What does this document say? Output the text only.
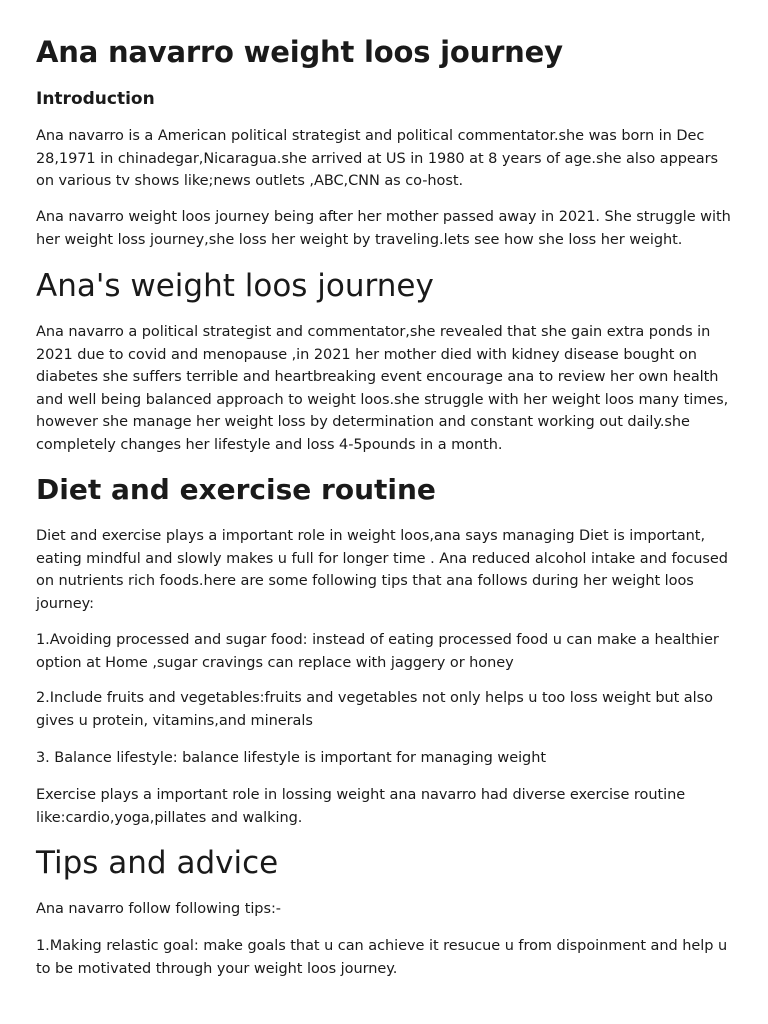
Ana navarro weight loos journey
Introduction

Ana navarro is a American political strategist and political commentator.she was born in Dec 28,1971 in chinadegar,Nicaragua.she arrived at US in 1980 at 8 years of age.she also appears on various tv shows like;news outlets ,ABC,CNN as co-host.

Ana navarro weight loos journey being after her mother passed away in 2021. She struggle with her weight loss journey,she loss her weight by traveling.lets see how she loss her weight.

Ana's weight loos journey

Ana navarro a political strategist and commentator,she revealed that she gain extra ponds in 2021 due to covid and menopause ,in 2021 her mother died with kidney disease bought on diabetes she suffers terrible and heartbreaking event encourage ana to review her own health and well being balanced approach to weight loos.she struggle with her weight loos many times, however she manage her weight loss by determination and constant working out daily.she completely changes her lifestyle and loss 4-5pounds in a month.

Diet and exercise routine

Diet and exercise plays a important role in weight loos,ana says managing Diet is important, eating mindful and slowly makes u full for longer time . Ana reduced alcohol intake and focused on nutrients rich foods.here are some following tips that ana follows during her weight loos journey:

1.Avoiding processed and sugar food: instead of eating processed food u can make a healthier option at Home ,sugar cravings can replace with jaggery or honey

2.Include fruits and vegetables:fruits and vegetables not only helps u too loss weight but also gives u protein, vitamins,and minerals

3. Balance lifestyle: balance lifestyle is important for managing weight

Exercise plays a important role in lossing weight ana navarro had diverse exercise routine like:cardio,yoga,pillates and walking.

Tips and advice

Ana navarro follow following tips:-

1.Making relastic goal: make goals that u can achieve it resucue u from dispoinment and help u to be motivated through your weight loos journey.
